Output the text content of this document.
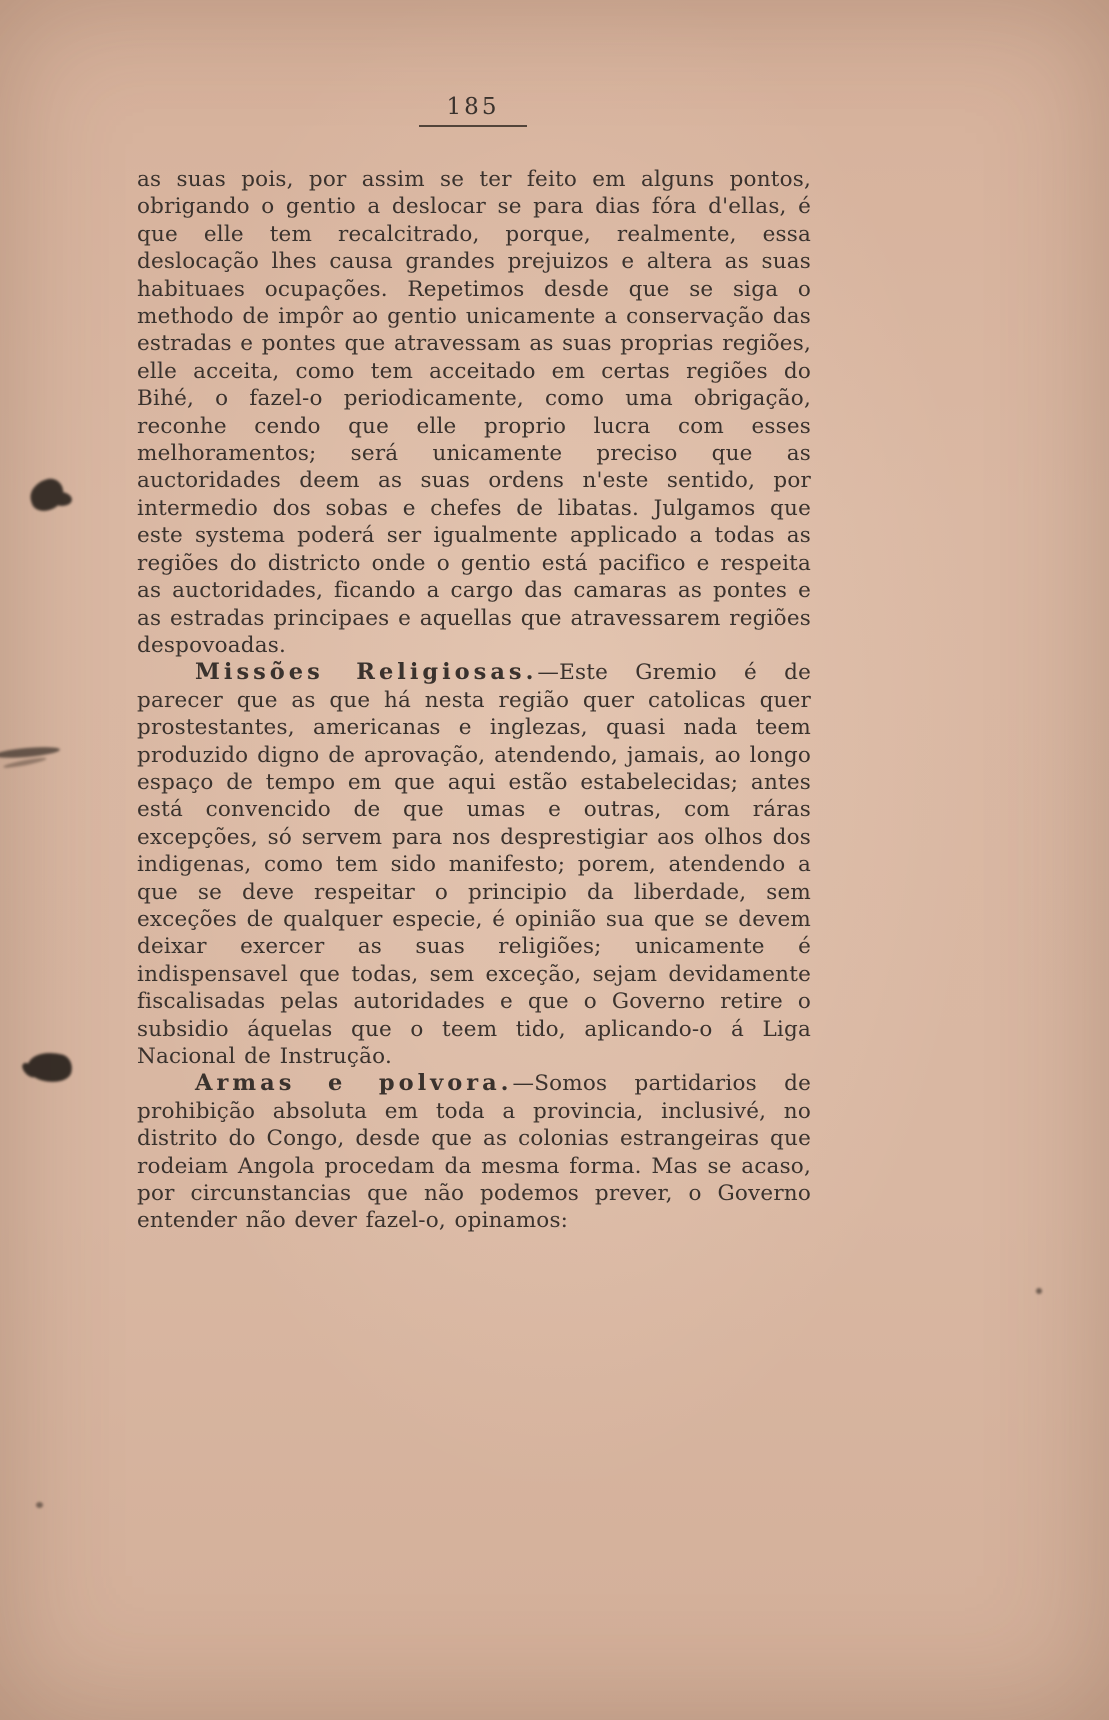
185

as suas pois, por assim se ter feito em alguns pontos, obrigando o gentio a deslocar se para dias fóra d'ellas, é que elle tem recalcitrado, porque, realmente, essa deslocação lhes causa grandes prejuizos e altera as suas habituaes ocupações. Repetimos desde que se siga o methodo de impôr ao gentio unicamente a conservação das estradas e pontes que atravessam as suas proprias regiões, elle acceita, como tem acceitado em certas regiões do Bihé, o fazel-o periodicamente, como uma obrigação, reconhe cendo que elle proprio lucra com esses melhoramentos; será unicamente preciso que as auctoridades deem as suas ordens n'este sentido, por intermedio dos sobas e chefes de libatas. Julgamos que este systema poderá ser igualmente applicado a todas as regiões do districto onde o gentio está pacifico e respeita as auctoridades, ficando a cargo das camaras as pontes e as estradas principaes e aquellas que atravessarem regiões despovoadas.

Missões Religiosas.—Este Gremio é de parecer que as que há nesta região quer catolicas quer prostestantes, americanas e inglezas, quasi nada teem produzido digno de aprovação, atendendo, jamais, ao longo espaço de tempo em que aqui estão estabelecidas; antes está convencido de que umas e outras, com ráras excepções, só servem para nos desprestigiar aos olhos dos indigenas, como tem sido manifesto; porem, atendendo a que se deve respeitar o principio da liberdade, sem exceções de qualquer especie, é opinião sua que se devem deixar exercer as suas religiões; unicamente é indispensavel que todas, sem exceção, sejam devidamente fiscalisadas pelas autoridades e que o Governo retire o subsidio áquelas que o teem tido, aplicando-o á Liga Nacional de Instrução.

Armas e polvora.—Somos partidarios de prohibição absoluta em toda a provincia, inclusivé, no distrito do Congo, desde que as colonias estrangeiras que rodeiam Angola procedam da mesma forma. Mas se acaso, por circunstancias que não podemos prever, o Governo entender não dever fazel-o, opinamos:
